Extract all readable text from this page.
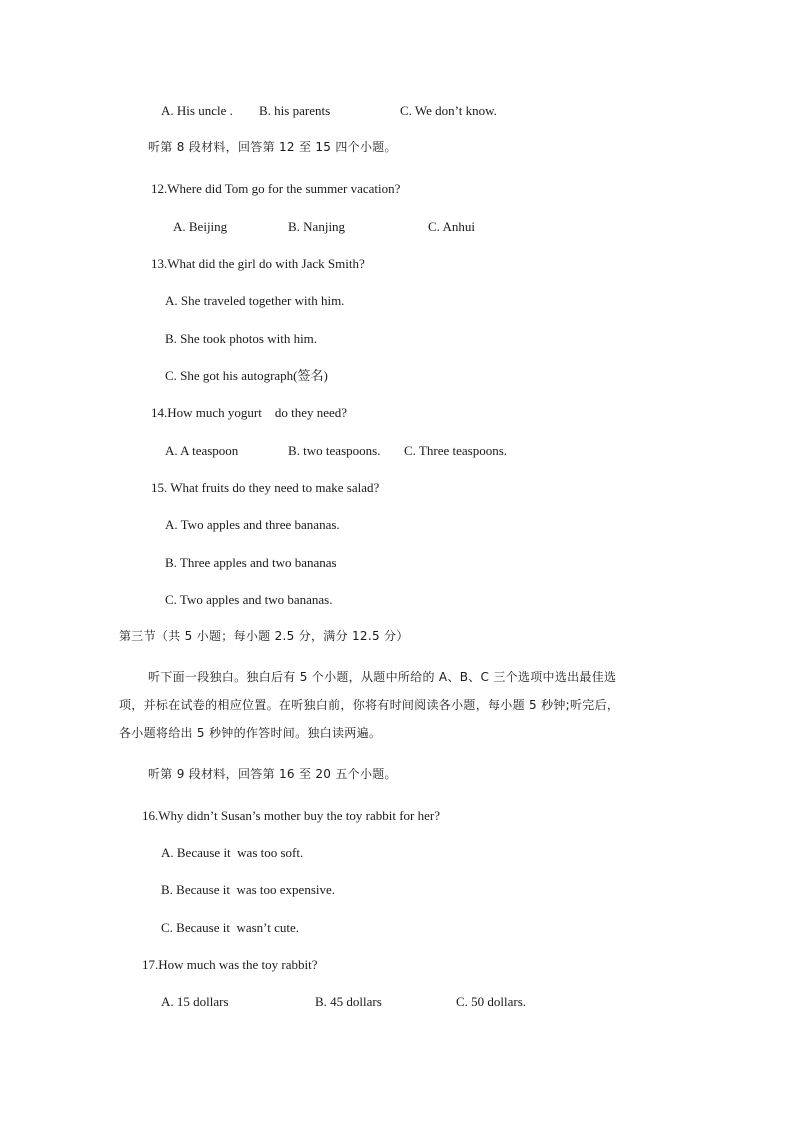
A. His uncle . B. his parents	C. We don’t know.
听第 8 段材料，回答第 12 至 15 四个小题。
12.Where did Tom go for the summer vacation?
A. Beijing	B. Nanjing	C. Anhui
13.What did the girl do with Jack Smith?
A. She traveled together with him.
B. She took photos with him.
C. She got his autograph(签名)
14.How much yogurt    do they need?
A. A teaspoon	B. two teaspoons. C. Three teaspoons.
15. What fruits do they need to make salad?
A. Two apples and three bananas.
B. Three apples and two bananas
C. Two apples and two bananas.
第三节（共 5 小题；每小题 2.5 分，满分 12.5 分）
听下面一段独白。独白后有 5 个小题，从题中所给的 A、B、C 三个选项中选出最佳选
项，并标在试卷的相应位置。在听独白前，你将有时间阅读各小题，每小题 5 秒钟;听完后，
各小题将给出 5 秒钟的作答时间。独白读两遍。
听第 9 段材料，回答第 16 至 20 五个小题。
16.Why didn’t Susan’s mother buy the toy rabbit for her?
A. Because it  was too soft.
B. Because it  was too expensive.
C. Because it  wasn’t cute.
17.How much was the toy rabbit?
A. 15 dollars	B. 45 dollars	C. 50 dollars.
